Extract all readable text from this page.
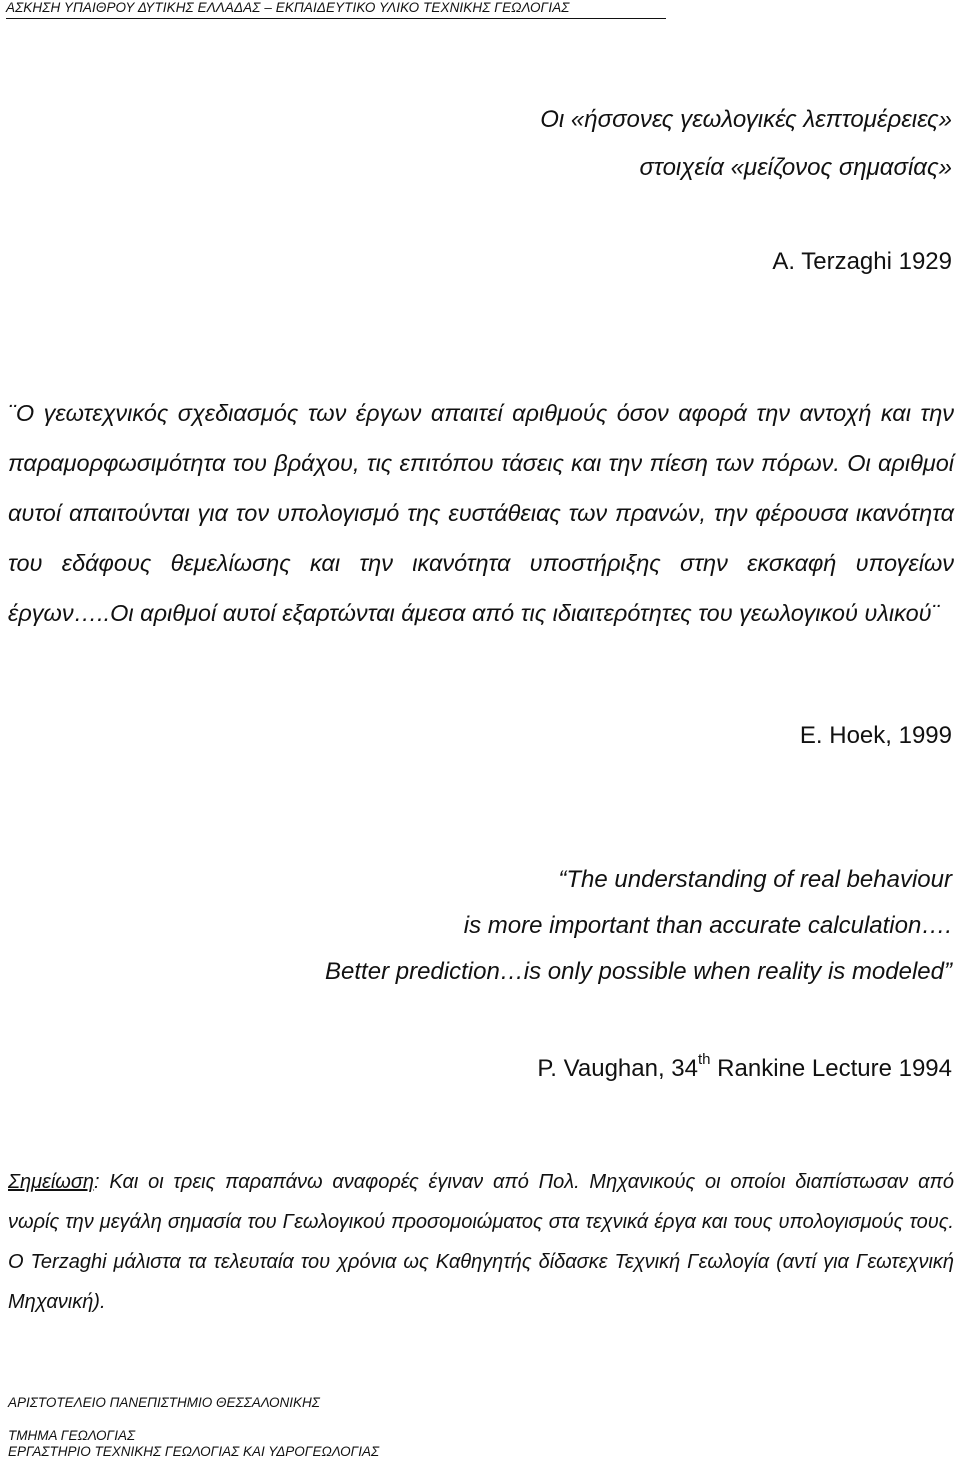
ΑΣΚΗΣΗ ΥΠΑΙΘΡΟΥ ΔΥΤΙΚΗΣ ΕΛΛΑΔΑΣ – ΕΚΠΑΙΔΕΥΤΙΚΟ ΥΛΙΚΟ ΤΕΧΝΙΚΗΣ ΓΕΩΛΟΓΙΑΣ
Οι «ήσσονες γεωλογικές λεπτομέρειες»
στοιχεία «μείζονος σημασίας»
A. Terzaghi 1929

¨Ο γεωτεχνικός σχεδιασμός των έργων απαιτεί αριθμούς όσον αφορά την αντοχή και την παραμορφωσιμότητα του βράχου, τις επιτόπου τάσεις και την πίεση των πόρων. Οι αριθμοί αυτοί απαιτούνται για τον υπολογισμό της ευστάθειας των πρανών, την φέρουσα ικανότητα του εδάφους θεμελίωσης και την ικανότητα υποστήριξης στην εκσκαφή υπογείων έργων…..Οι αριθμοί αυτοί εξαρτώνται άμεσα από τις ιδιαιτερότητες του γεωλογικού υλικού¨

E. Hoek, 1999
“The understanding of real behaviour
is more important than accurate calculation….
Better prediction…is only possible when reality is modeled”
P. Vaughan, 34th Rankine Lecture 1994

Σημείωση: Και οι τρεις παραπάνω αναφορές έγιναν από Πολ. Μηχανικούς οι οποίοι διαπίστωσαν από νωρίς την μεγάλη σημασία του Γεωλογικού προσομοιώματος στα τεχνικά έργα και τους υπολογισμούς τους. Ο Terzaghi μάλιστα τα τελευταία του χρόνια ως Καθηγητής δίδασκε Τεχνική Γεωλογία (αντί για Γεωτεχνική Μηχανική).

ΑΡΙΣΤΟΤΕΛΕΙΟ ΠΑΝΕΠΙΣΤΗΜΙΟ ΘΕΣΣΑΛΟΝΙΚΗΣ
ΤΜΗΜΑ ΓΕΩΛΟΓΙΑΣ
ΕΡΓΑΣΤΗΡΙΟ ΤΕΧΝΙΚΗΣ ΓΕΩΛΟΓΙΑΣ ΚΑΙ ΥΔΡΟΓΕΩΛΟΓΙΑΣ
